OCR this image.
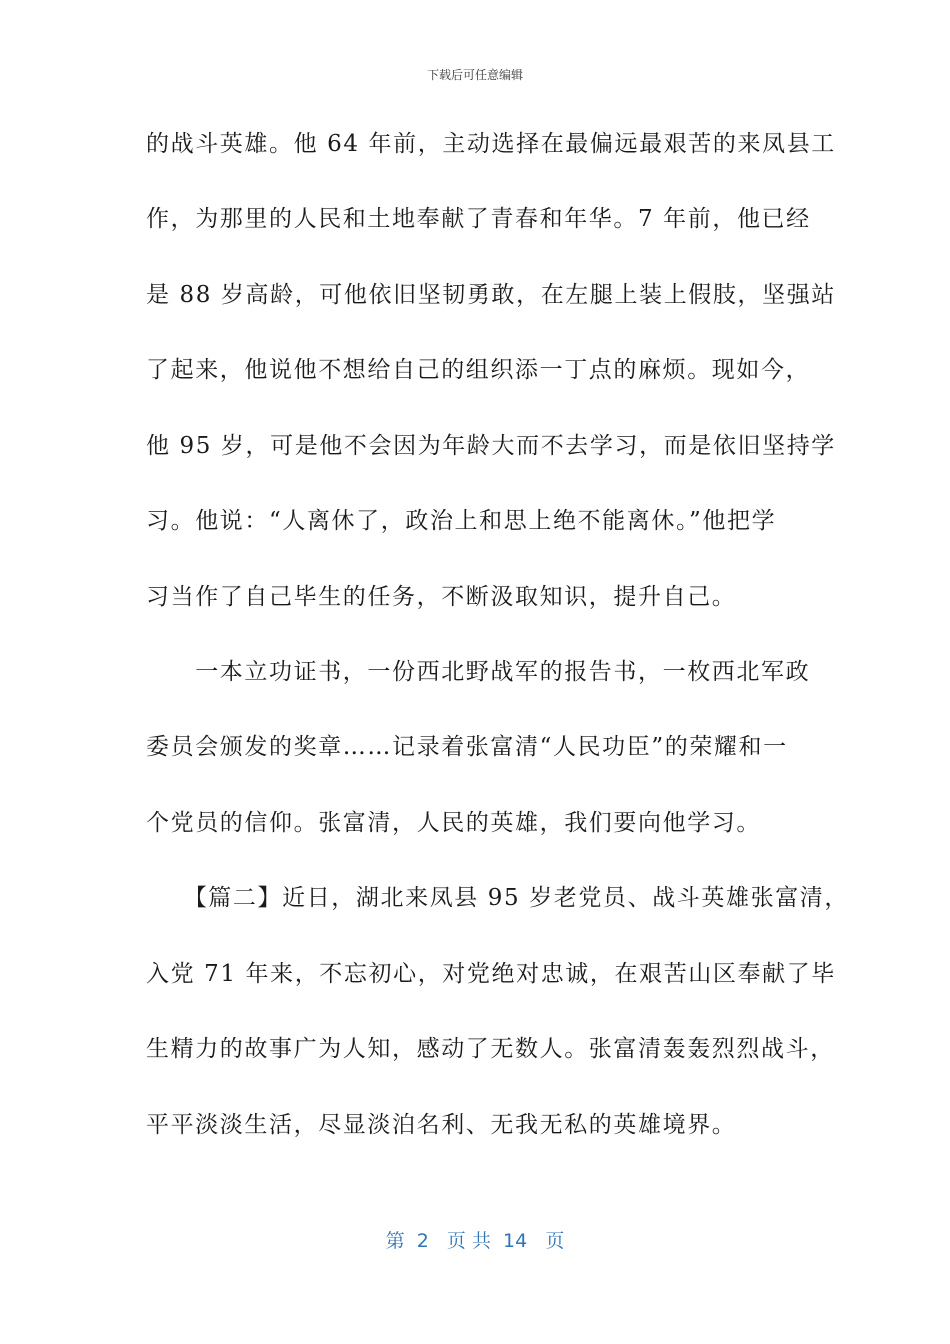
下载后可任意编辑
的战斗英雄。他 64 年前，主动选择在最偏远最艰苦的来凤县工
作，为那里的人民和土地奉献了青春和年华。7 年前，他已经
是 88 岁高龄，可他依旧坚韧勇敢，在左腿上装上假肢，坚强站
了起来，他说他不想给自己的组织添一丁点的麻烦。现如今，
他 95 岁，可是他不会因为年龄大而不去学习，而是依旧坚持学
习。他说：“人离休了，政治上和思上绝不能离休。”他把学
习当作了自己毕生的任务，不断汲取知识，提升自己。
　　一本立功证书，一份西北野战军的报告书，一枚西北军政
委员会颁发的奖章……记录着张富清“人民功臣”的荣耀和一
个党员的信仰。张富清，人民的英雄，我们要向他学习。
　　【篇二】近日，湖北来凤县 95 岁老党员、战斗英雄张富清，
入党 71 年来，不忘初心，对党绝对忠诚，在艰苦山区奉献了毕
生精力的故事广为人知，感动了无数人。张富清轰轰烈烈战斗，
平平淡淡生活，尽显淡泊名利、无我无私的英雄境界。
第  2   页 共  14   页
